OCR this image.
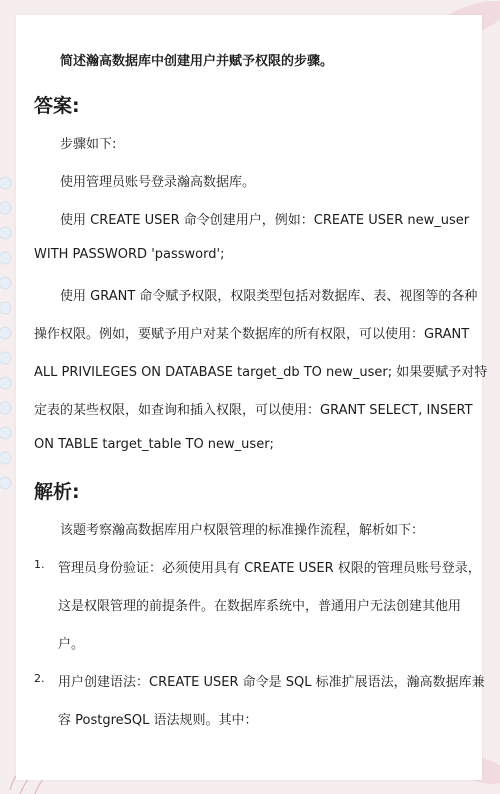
简述瀚高数据库中创建用户并赋予权限的步骤。
答案:
步骤如下:
使用管理员账号登录瀚高数据库。
使用 CREATE USER 命令创建用户，例如：CREATE USER new_user
WITH PASSWORD 'password';
使用 GRANT 命令赋予权限，权限类型包括对数据库、表、视图等的各种
操作权限。例如，要赋予用户对某个数据库的所有权限，可以使用：GRANT
ALL PRIVILEGES ON DATABASE target_db TO new_user; 如果要赋予对特
定表的某些权限，如查询和插入权限，可以使用：GRANT SELECT, INSERT
ON TABLE target_table TO new_user;
解析:
该题考察瀚高数据库用户权限管理的标准操作流程，解析如下：
1. 管理员身份验证：必须使用具有 CREATE USER 权限的管理员账号登录，
这是权限管理的前提条件。在数据库系统中，普通用户无法创建其他用
户。
2. 用户创建语法：CREATE USER 命令是 SQL 标准扩展语法，瀚高数据库兼
容 PostgreSQL 语法规则。其中：
